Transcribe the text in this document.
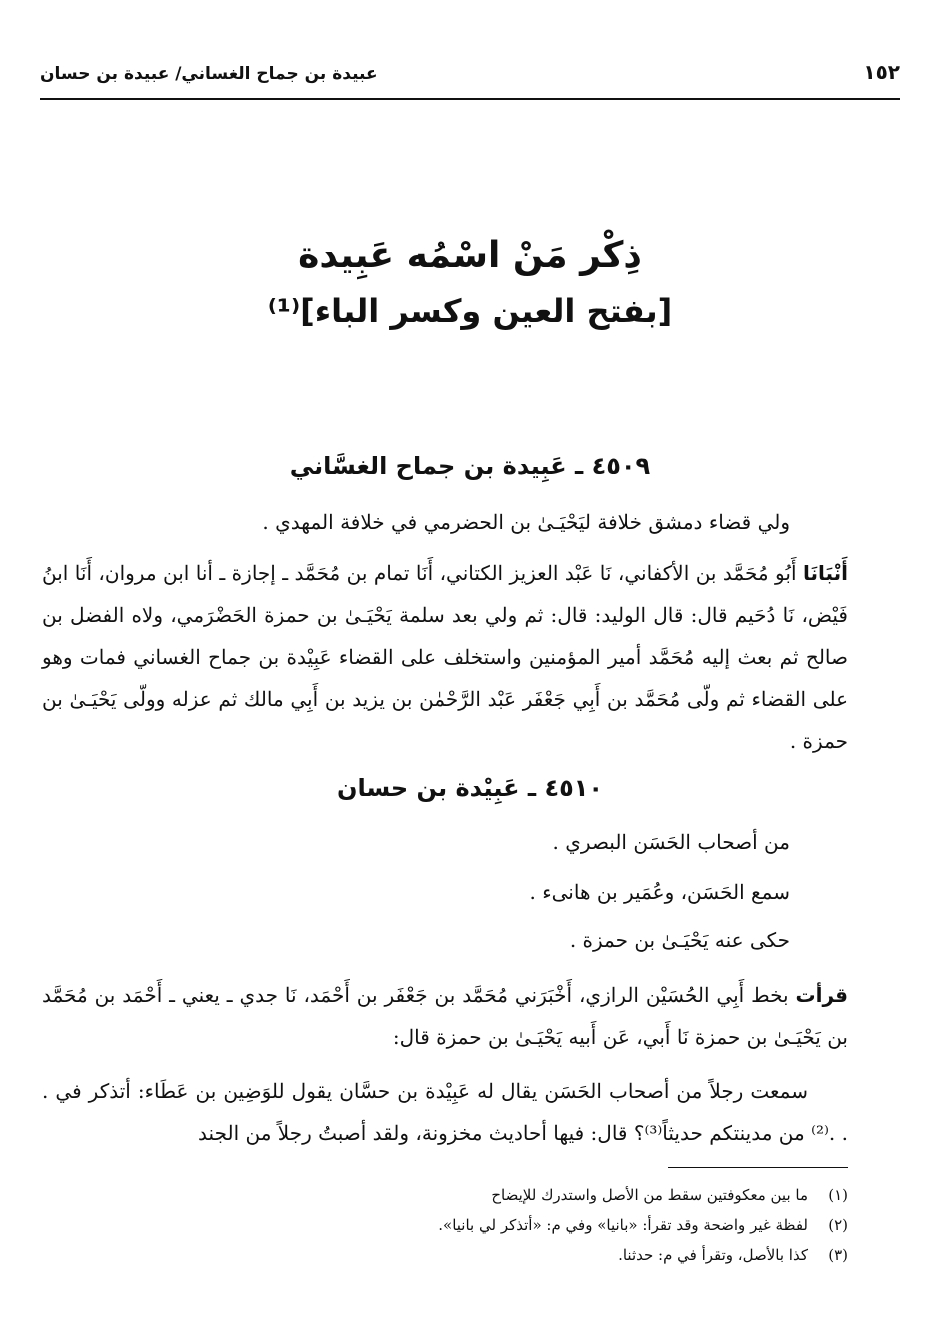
عبيدة بن جماح الغساني/ عبيدة بن حسان	١٥٢
ذِكْر مَنْ اسْمُه عَبِيدة
[بفتح العين وكسر الباء]⁽¹⁾
٤٥٠٩ ـ عَبِيدة بن جماح الغسَّاني
ولي قضاء دمشق خلافة ليَحْيَـىٰ بن الحضرمي في خلافة المهدي .
أَنْبَانَا أَبُو مُحَمَّد بن الأكفاني، نَا عَبْد العزيز الكتاني، أَنَا تمام بن مُحَمَّد ـ إجازة ـ أنا ابن مروان، أَنَا ابنُ فَيْض، نَا دُحَيم قال: قال الوليد: قال: ثم ولي بعد سلمة يَحْيَـىٰ بن حمزة الحَضْرَمي، ولاه الفضل بن صالح ثم بعث إليه مُحَمَّد أمير المؤمنين واستخلف على القضاء عَبِيْدة بن جماح الغساني فمات وهو على القضاء ثم ولّى مُحَمَّد بن أَبِي جَعْفَر عَبْد الرَّحْمٰن بن يزيد بن أَبِي مالك ثم عزله وولّى يَحْيَـىٰ بن حمزة .
٤٥١٠ ـ عَبِيْدة بن حسان
من أصحاب الحَسَن البصري .
سمع الحَسَن، وعُمَير بن هانىء .
حكى عنه يَحْيَـىٰ بن حمزة .
قرأت بخط أَبِي الحُسَيْن الرازي، أَخْبَرَني مُحَمَّد بن جَعْفَر بن أَحْمَد، نَا جدي ـ يعني ـ أَحْمَد بن مُحَمَّد بن يَحْيَـىٰ بن حمزة نَا أَبي، عَن أَبيه يَحْيَـىٰ بن حمزة قال:
سمعت رجلاً من أصحاب الحَسَن يقال له عَبِيْدة بن حسَّان يقول للوَضِين بن عَطَاء: أتذكر في . . .⁽²⁾ من مدينتكم حديثاً⁽³⁾؟ قال: فيها أحاديث مخزونة، ولقد أصبتُ رجلاً من الجند
(١)ما بين معكوفتين سقط من الأصل واستدرك للإيضاح
(٢)لفظة غير واضحة وقد تقرأ: «بانيا» وفي م: «أتذكر لي بانيا».
(٣)كذا بالأصل، وتقرأ في م: حدثنا.
